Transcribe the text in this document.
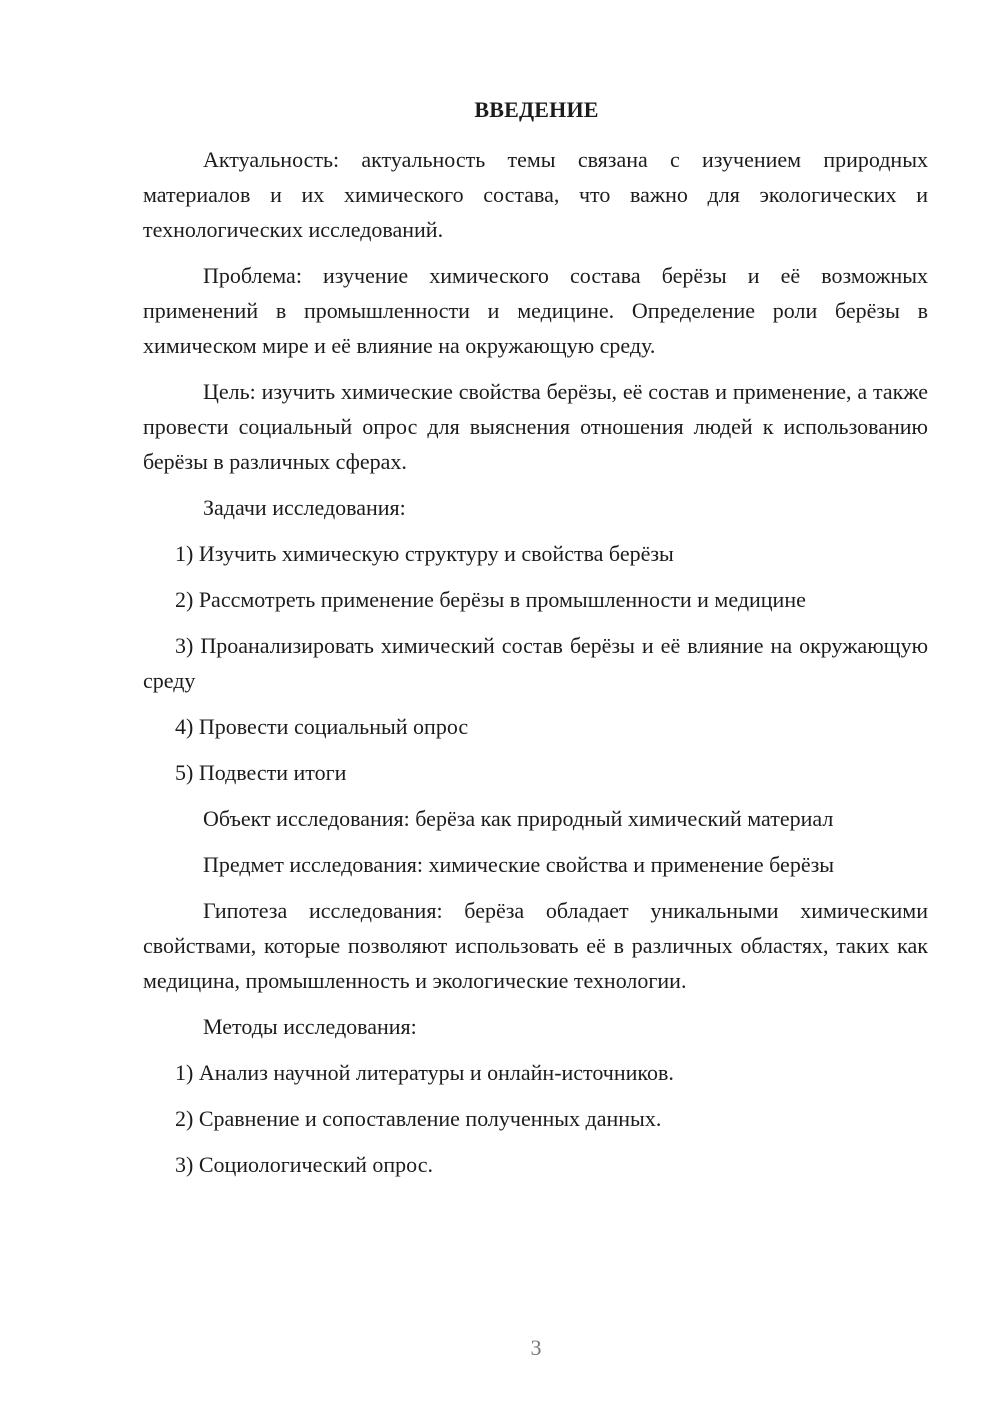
ВВЕДЕНИЕ

Актуальность: актуальность темы связана с изучением природных материалов и их химического состава, что важно для экологических и технологических исследований.

Проблема: изучение химического состава берёзы и её возможных применений в промышленности и медицине. Определение роли берёзы в химическом мире и её влияние на окружающую среду.

Цель: изучить химические свойства берёзы, её состав и применение, а также провести социальный опрос для выяснения отношения людей к использованию берёзы в различных сферах.

Задачи исследования:

1) Изучить химическую структуру и свойства берёзы

2) Рассмотреть применение берёзы в промышленности и медицине

3) Проанализировать химический состав берёзы и её влияние на окружающую среду

4) Провести социальный опрос

5) Подвести итоги

Объект исследования: берёза как природный химический материал

Предмет исследования: химические свойства и применение берёзы

Гипотеза исследования: берёза обладает уникальными химическими свойствами, которые позволяют использовать её в различных областях, таких как медицина, промышленность и экологические технологии.

Методы исследования:

1) Анализ научной литературы и онлайн-источников.

2) Сравнение и сопоставление полученных данных.

3) Социологический опрос.

3
